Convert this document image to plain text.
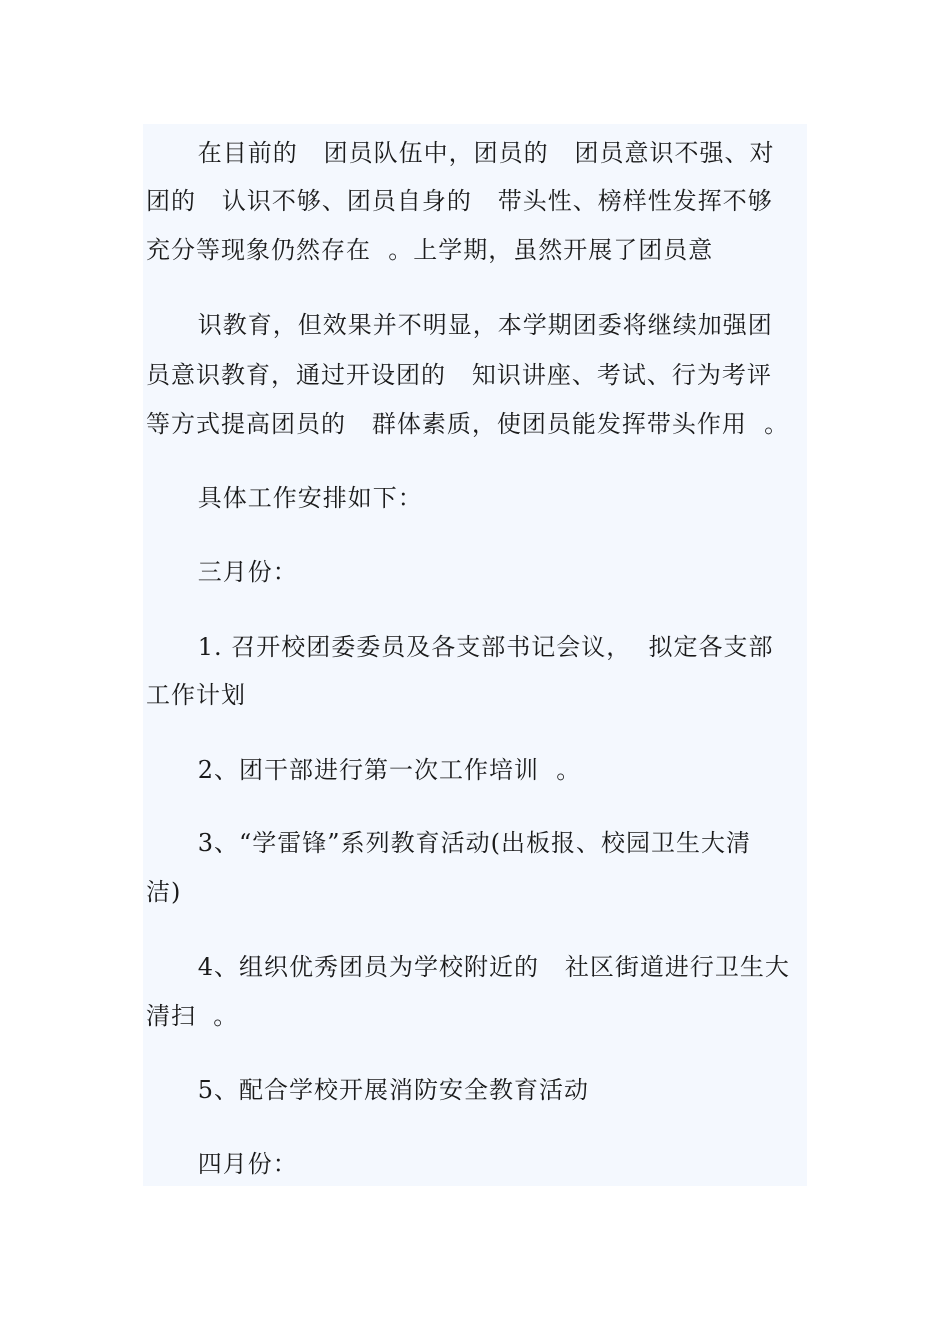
在目前的   团员队伍中，团员的   团员意识不强、对
团的   认识不够、团员自身的   带头性、榜样性发挥不够
充分等现象仍然存在  。上学期，虽然开展了团员意
识教育，但效果并不明显，本学期团委将继续加强团
员意识教育，通过开设团的   知识讲座、考试、行为考评
等方式提高团员的   群体素质，使团员能发挥带头作用  。
具体工作安排如下：
三月份：
1. 召开校团委委员及各支部书记会议，  拟定各支部
工作计划
2、团干部进行第一次工作培训  。
3、“学雷锋”系列教育活动(出板报、校园卫生大清
洁)
4、组织优秀团员为学校附近的   社区街道进行卫生大
清扫  。
5、配合学校开展消防安全教育活动
四月份：
